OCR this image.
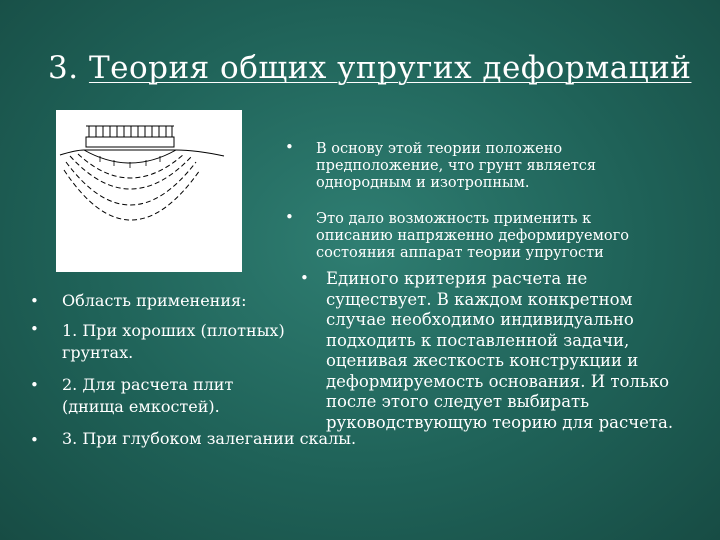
3. Теория общих упругих деформаций
• В основу этой теории положено предположение, что грунт является однородным и изотропным.
• Это дало возможность применить к описанию напряженно деформируемого состояния аппарат теории упругости
• Единого критерия расчета не существует. В каждом конкретном случае необходимо индивидуально подходить к поставленной задачи, оценивая жесткость конструкции и деформируемость основания. И только после этого следует выбирать руководствующую теорию для расчета.
• Область применения:
• 1. При хороших (плотных) грунтах.
• 2. Для расчета плит (днища емкостей).
• 3. При глубоком залегании скалы.
